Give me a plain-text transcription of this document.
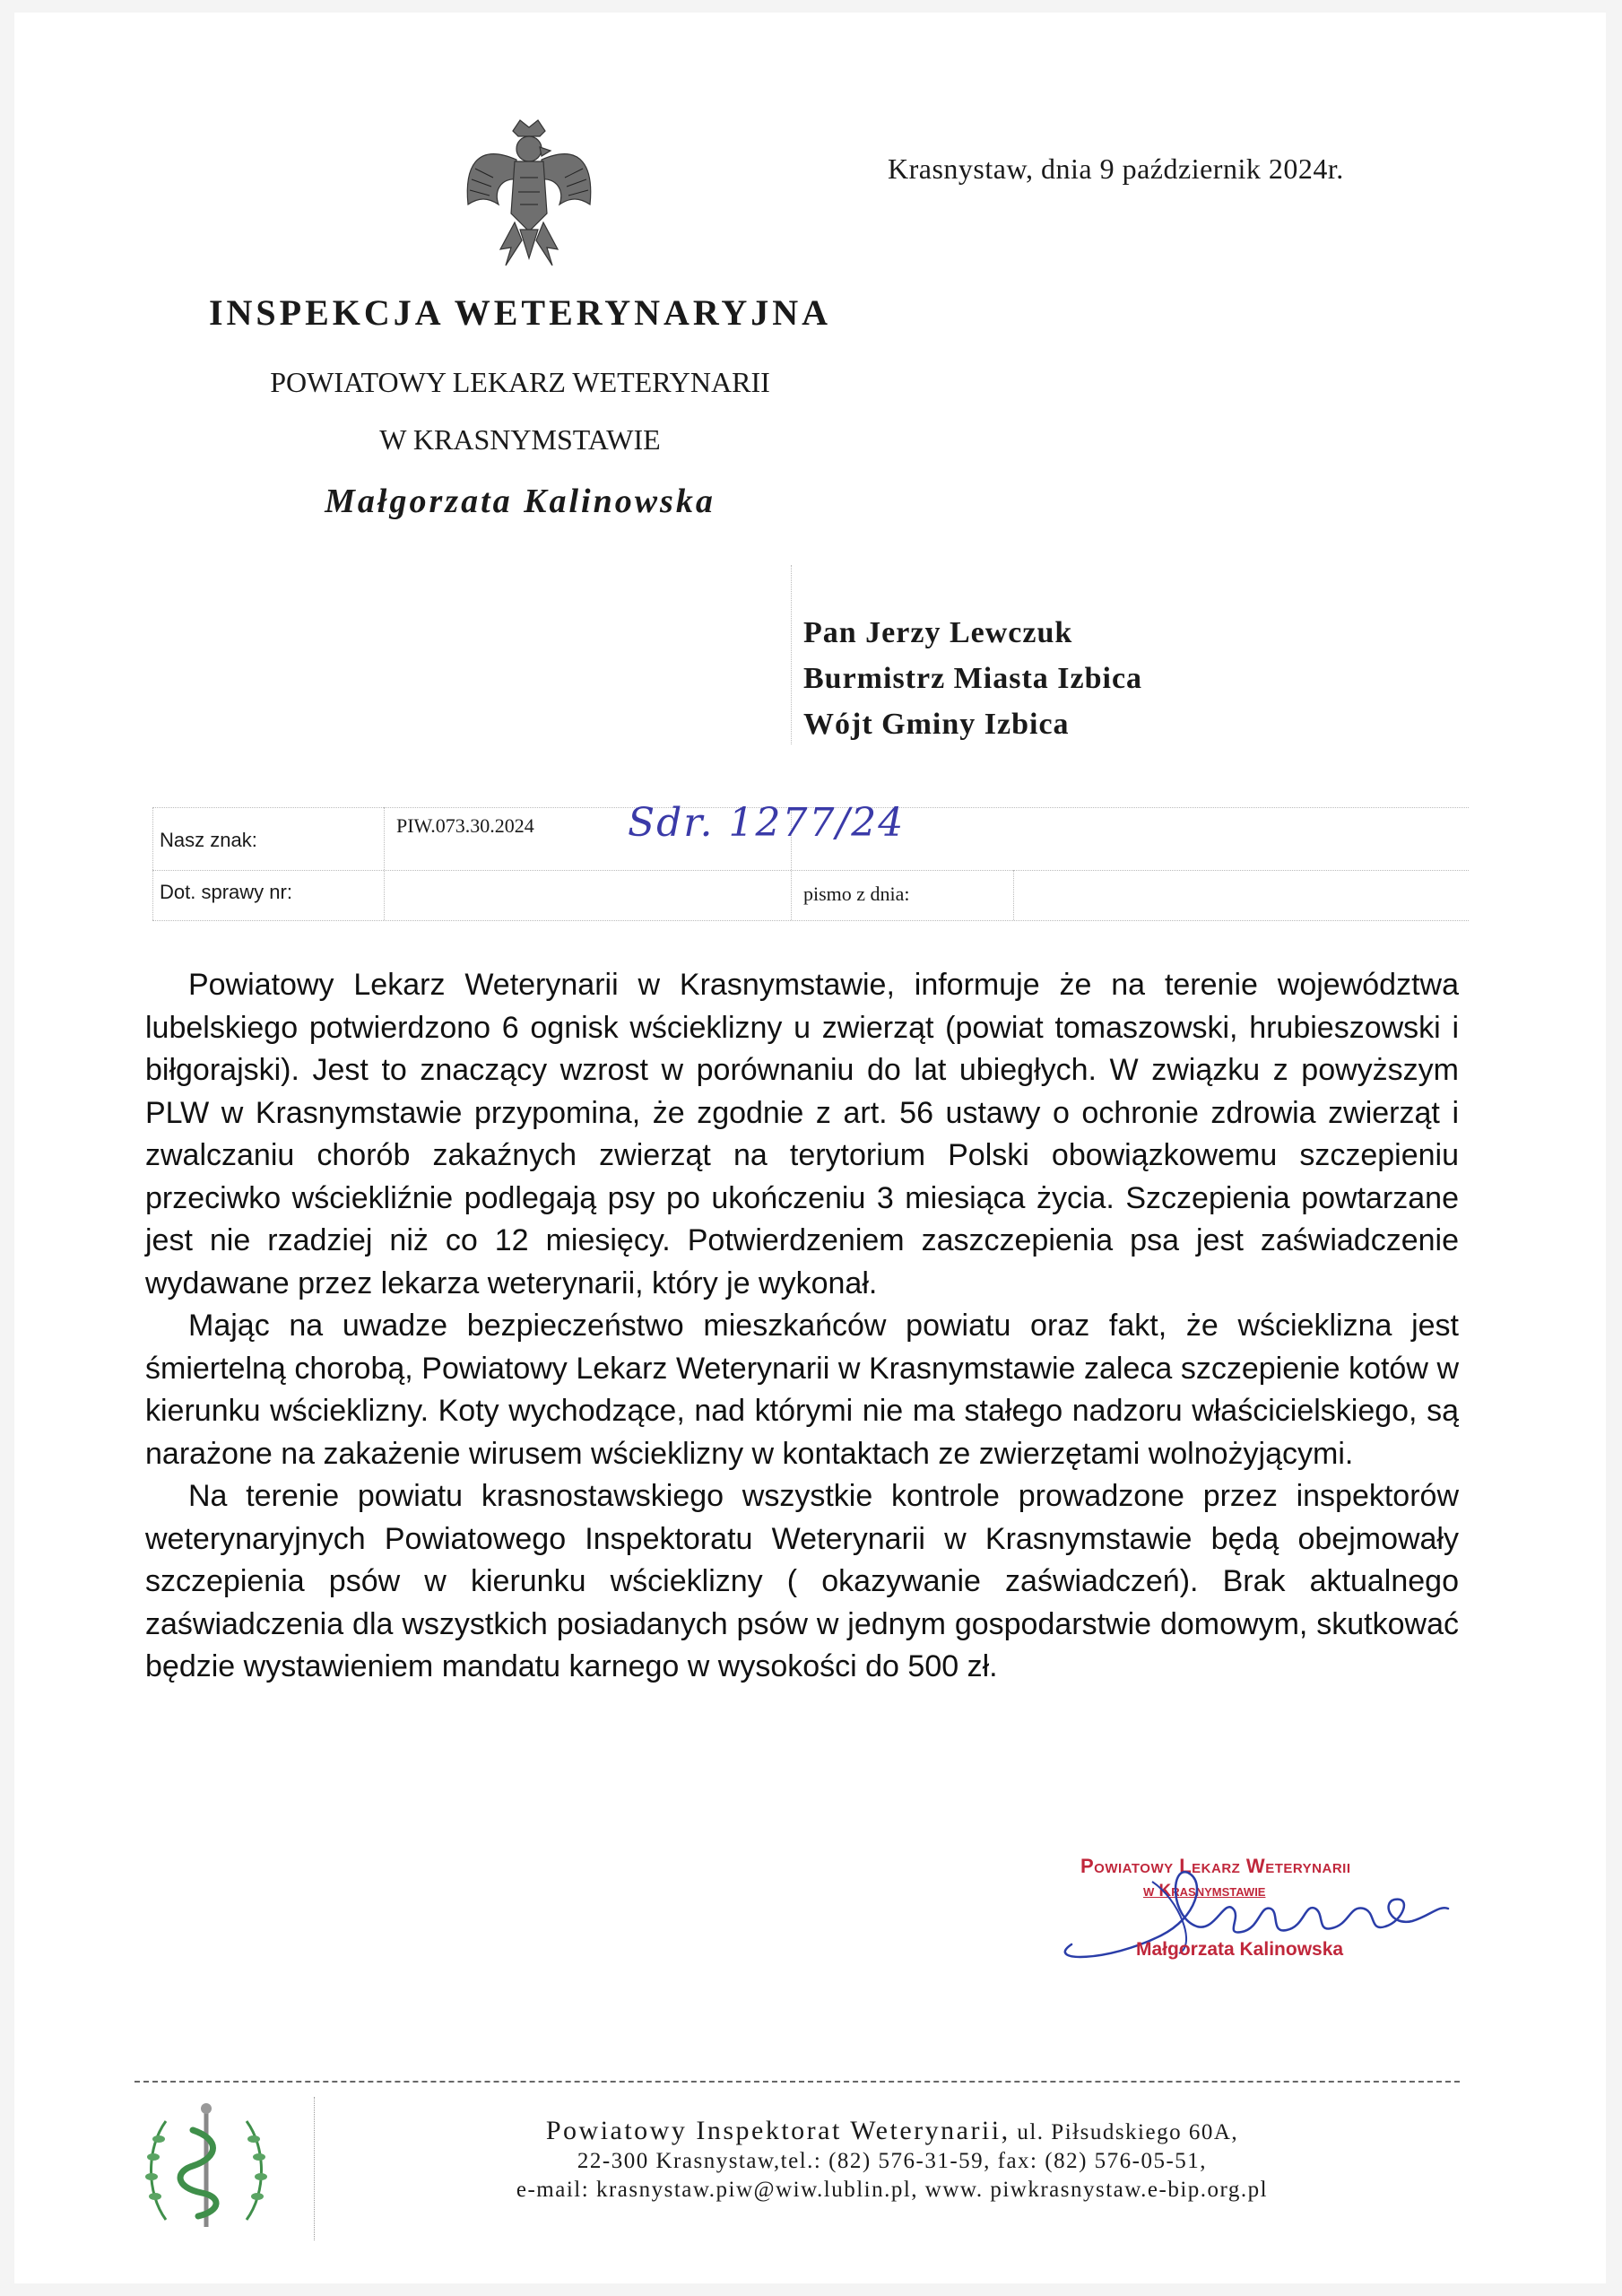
Krasnystaw, dnia 9 październik 2024r.
INSPEKCJA WETERYNARYJNA
POWIATOWY LEKARZ WETERYNARII
W KRASNYMSTAWIE
Małgorzata Kalinowska
Pan Jerzy Lewczuk
Burmistrz Miasta Izbica
Wójt Gminy Izbica
Nasz znak:
PIW.073.30.2024 Sdr. 1277/24
Dot. sprawy nr:	pismo z dnia:

Powiatowy Lekarz Weterynarii w Krasnymstawie, informuje że na terenie województwa lubelskiego potwierdzono 6 ognisk wścieklizny u zwierząt (powiat tomaszowski, hrubieszowski i biłgorajski). Jest to znaczący wzrost w porównaniu do lat ubiegłych. W związku z powyższym PLW w Krasnymstawie przypomina, że zgodnie z art. 56 ustawy o ochronie zdrowia zwierząt i zwalczaniu chorób zakaźnych zwierząt na terytorium Polski obowiązkowemu szczepieniu przeciwko wściekliźnie podlegają psy po ukończeniu 3 miesiąca życia. Szczepienia powtarzane jest nie rzadziej niż co 12 miesięcy. Potwierdzeniem zaszczepienia psa jest zaświadczenie wydawane przez lekarza weterynarii, który je wykonał.

Mając na uwadze bezpieczeństwo mieszkańców powiatu oraz fakt, że wścieklizna jest śmiertelną chorobą, Powiatowy Lekarz Weterynarii w Krasnymstawie zaleca szczepienie kotów w kierunku wścieklizny. Koty wychodzące, nad którymi nie ma stałego nadzoru właścicielskiego, są narażone na zakażenie wirusem wścieklizny w kontaktach ze zwierzętami wolnożyjącymi.

Na terenie powiatu krasnostawskiego wszystkie kontrole prowadzone przez inspektorów weterynaryjnych Powiatowego Inspektoratu Weterynarii w Krasnymstawie będą obejmowały szczepienia psów w kierunku wścieklizny ( okazywanie zaświadczeń). Brak aktualnego zaświadczenia dla wszystkich posiadanych psów w jednym gospodarstwie domowym, skutkować będzie wystawieniem mandatu karnego w wysokości do 500 zł.

Powiatowy Lekarz Weterynarii
w Krasnymstawie
Małgorzata Kalinowska
Powiatowy Inspektorat Weterynarii, ul. Piłsudskiego 60A,
22-300 Krasnystaw,tel.: (82) 576-31-59, fax: (82) 576-05-51,
e-mail: krasnystaw.piw@wiw.lublin.pl, www. piwkrasnystaw.e-bip.org.pl
